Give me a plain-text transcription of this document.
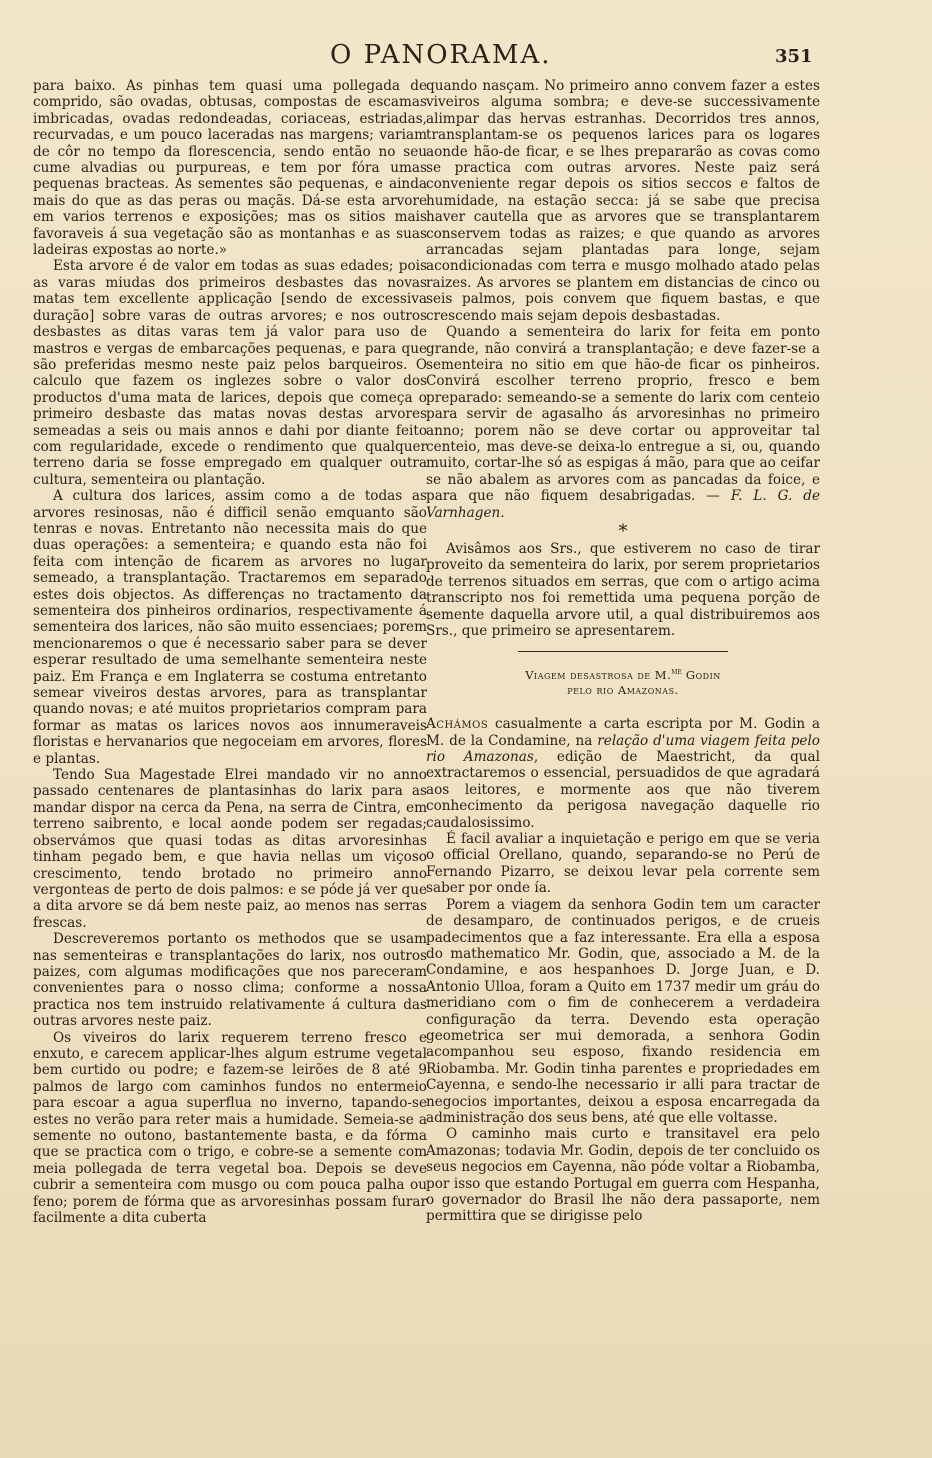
O PANORAMA.	351

para baixo. As pinhas tem quasi uma pollegada de comprido, são ovadas, obtusas, compostas de escamas imbricadas, ovadas redondeadas, coriaceas, estriadas, recurvadas, e um pouco laceradas nas margens; variam de côr no tempo da florescencia, sendo então no seu cume alvadias ou purpureas, e tem por fóra umas pequenas bracteas. As sementes são pequenas, e ainda mais do que as das peras ou maçãs. Dá-se esta arvore em varios terrenos e exposições; mas os sitios mais favoraveis á sua vegetação são as montanhas e as suas ladeiras expostas ao norte.»

Esta arvore é de valor em todas as suas edades; pois as varas miudas dos primeiros desbastes das novas matas tem excellente applicação [sendo de excessiva duração] sobre varas de outras arvores; e nos outros desbastes as ditas varas tem já valor para uso de mastros e vergas de embarcações pequenas, e para que são preferidas mesmo neste paiz pelos barqueiros. O calculo que fazem os inglezes sobre o valor dos productos d'uma mata de larices, depois que começa o primeiro desbaste das matas novas destas arvores semeadas a seis ou mais annos e dahi por diante feito com regularidade, excede o rendimento que qualquer terreno daria se fosse empregado em qualquer outra cultura, sementeira ou plantação.

A cultura dos larices, assim como a de todas as arvores resinosas, não é difficil senão emquanto são tenras e novas. Entretanto não necessita mais do que duas operações: a sementeira; e quando esta não foi feita com intenção de ficarem as arvores no lugar semeado, a transplantação. Tractaremos em separado estes dois objectos. As differenças no tractamento da sementeira dos pinheiros ordinarios, respectivamente á sementeira dos larices, não são muito essenciaes; porem mencionaremos o que é necessario saber para se dever esperar resultado de uma semelhante sementeira neste paiz. Em França e em Inglaterra se costuma entretanto semear viveiros destas arvores, para as transplantar quando novas; e até muitos proprietarios compram para formar as matas os larices novos aos innumeraveis floristas e hervanarios que negoceiam em arvores, flores e plantas.

Tendo Sua Magestade Elrei mandado vir no anno passado centenares de plantasinhas do larix para as mandar dispor na cerca da Pena, na serra de Cintra, em terreno saibrento, e local aonde podem ser regadas; observámos que quasi todas as ditas arvoresinhas tinham pegado bem, e que havia nellas um viçoso crescimento, tendo brotado no primeiro anno vergonteas de perto de dois palmos: e se póde já ver que a dita arvore se dá bem neste paiz, ao menos nas serras frescas.

Descreveremos portanto os methodos que se usam nas sementeiras e transplantações do larix, nos outros paizes, com algumas modificações que nos pareceram convenientes para o nosso clima; conforme a nossa practica nos tem instruido relativamente á cultura das outras arvores neste paiz.

Os viveiros do larix requerem terreno fresco e enxuto, e carecem applicar-lhes algum estrume vegetal bem curtido ou podre; e fazem-se leirões de 8 até 9 palmos de largo com caminhos fundos no entermeio para escoar a agua superflua no inverno, tapando-se estes no verão para reter mais a humidade. Semeia-se a semente no outono, bastantemente basta, e da fórma que se practica com o trigo, e cobre-se a semente com meia pollegada de terra vegetal boa. Depois se deve cubrir a sementeira com musgo ou com pouca palha ou feno; porem de fórma que as arvoresinhas possam furar facilmente a dita cuberta

quando nasçam. No primeiro anno convem fazer a estes viveiros alguma sombra; e deve-se successivamente alimpar das hervas estranhas. Decorridos tres annos, transplantam-se os pequenos larices para os logares aonde hão-de ficar, e se lhes prepararão as covas como se practica com outras arvores. Neste paiz será conveniente regar depois os sitios seccos e faltos de humidade, na estação secca: já se sabe que precisa haver cautella que as arvores que se transplantarem conservem todas as raizes; e que quando as arvores arrancadas sejam plantadas para longe, sejam acondicionadas com terra e musgo molhado atado pelas raizes. As arvores se plantem em distancias de cinco ou seis palmos, pois convem que fiquem bastas, e que crescendo mais sejam depois desbastadas.

Quando a sementeira do larix for feita em ponto grande, não convirá a transplantação; e deve fazer-se a sementeira no sitio em que hão-de ficar os pinheiros. Convirá escolher terreno proprio, fresco e bem preparado: semeando-se a semente do larix com centeio para servir de agasalho ás arvoresinhas no primeiro anno; porem não se deve cortar ou approveitar tal centeio, mas deve-se deixa-lo entregue a si, ou, quando muito, cortar-lhe só as espigas á mão, para que ao ceifar se não abalem as arvores com as pancadas da foice, e para que não fiquem desabrigadas. — F. L. G. de Varnhagen.

*

Avisâmos aos Srs., que estiverem no caso de tirar proveito da sementeira do larix, por serem proprietarios de terrenos situados em serras, que com o artigo acima transcripto nos foi remettida uma pequena porção de semente daquella arvore util, a qual distribuiremos aos Srs., que primeiro se apresentarem.

Viagem desastrosa de M.$^{me}$ Godin
pelo rio Amazonas.

Achámos casualmente a carta escripta por M. Godin a M. de la Condamine, na relação d'uma viagem feita pelo rio Amazonas, edição de Maestricht, da qual extractaremos o essencial, persuadidos de que agradará aos leitores, e mormente aos que não tiverem conhecimento da perigosa navegação daquelle rio caudalosissimo.

É facil avaliar a inquietação e perigo em que se veria o official Orellano, quando, separando-se no Perú de Fernando Pizarro, se deixou levar pela corrente sem saber por onde ía.

Porem a viagem da senhora Godin tem um caracter de desamparo, de continuados perigos, e de crueis padecimentos que a faz interessante. Era ella a esposa do mathematico Mr. Godin, que, associado a M. de la Condamine, e aos hespanhoes D. Jorge Juan, e D. Antonio Ulloa, foram a Quito em 1737 medir um gráu do meridiano com o fim de conhecerem a verdadeira configuração da terra. Devendo esta operação geometrica ser mui demorada, a senhora Godin acompanhou seu esposo, fixando residencia em Riobamba. Mr. Godin tinha parentes e propriedades em Cayenna, e sendo-lhe necessario ir alli para tractar de negocios importantes, deixou a esposa encarregada da administração dos seus bens, até que elle voltasse.

O caminho mais curto e transitavel era pelo Amazonas; todavia Mr. Godin, depois de ter concluido os seus negocios em Cayenna, não póde voltar a Riobamba, por isso que estando Portugal em guerra com Hespanha, o governador do Brasil lhe não dera passaporte, nem permittira que se dirigisse pelo
